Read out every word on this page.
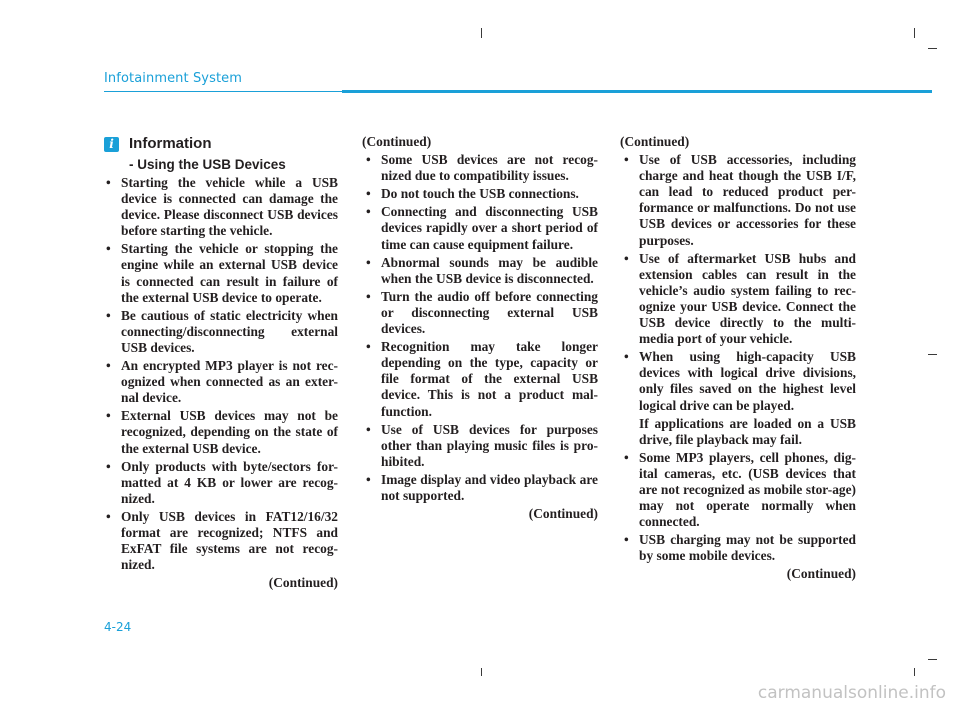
Infotainment System
i	Information
- Using the USB Devices
• Starting the vehicle while a USB device is connected can damage the device. Please disconnect USB devices before starting the vehicle.
• Starting the vehicle or stopping the engine while an external USB device is connected can result in failure of the external USB device to operate.
• Be cautious of static electricity when connecting/disconnecting external USB devices.
• An encrypted MP3 player is not rec-ognized when connected as an exter-nal device.
• External USB devices may not be recognized, depending on the state of the external USB device.
• Only products with byte/sectors for-matted at 4 KB or lower are recog-nized.
• Only USB devices in FAT12/16/32 format are recognized; NTFS and ExFAT file systems are not recog-nized.
(Continued)
(Continued)
• Some USB devices are not recog-nized due to compatibility issues.
• Do not touch the USB connections.
• Connecting and disconnecting USB devices rapidly over a short period of time can cause equipment failure.
• Abnormal sounds may be audible when the USB device is disconnected.
• Turn the audio off before connecting or disconnecting external USB devices.
• Recognition may take longer depending on the type, capacity or file format of the external USB device. This is not a product mal-function.
• Use of USB devices for purposes other than playing music files is pro-hibited.
• Image display and video playback are not supported.
(Continued)
(Continued)
• Use of USB accessories, including charge and heat though the USB I/F, can lead to reduced product per-formance or malfunctions. Do not use USB devices or accessories for these purposes.
• Use of aftermarket USB hubs and extension cables can result in the vehicle’s audio system failing to rec-ognize your USB device. Connect the USB device directly to the multi-media port of your vehicle.
• When using high-capacity USB devices with logical drive divisions, only files saved on the highest level logical drive can be played.
If applications are loaded on a USB drive, file playback may fail.
• Some MP3 players, cell phones, dig-ital cameras, etc. (USB devices that are not recognized as mobile stor-age) may not operate normally when connected.
• USB charging may not be supported by some mobile devices.
(Continued)
4-24
carmanualsonline.info
